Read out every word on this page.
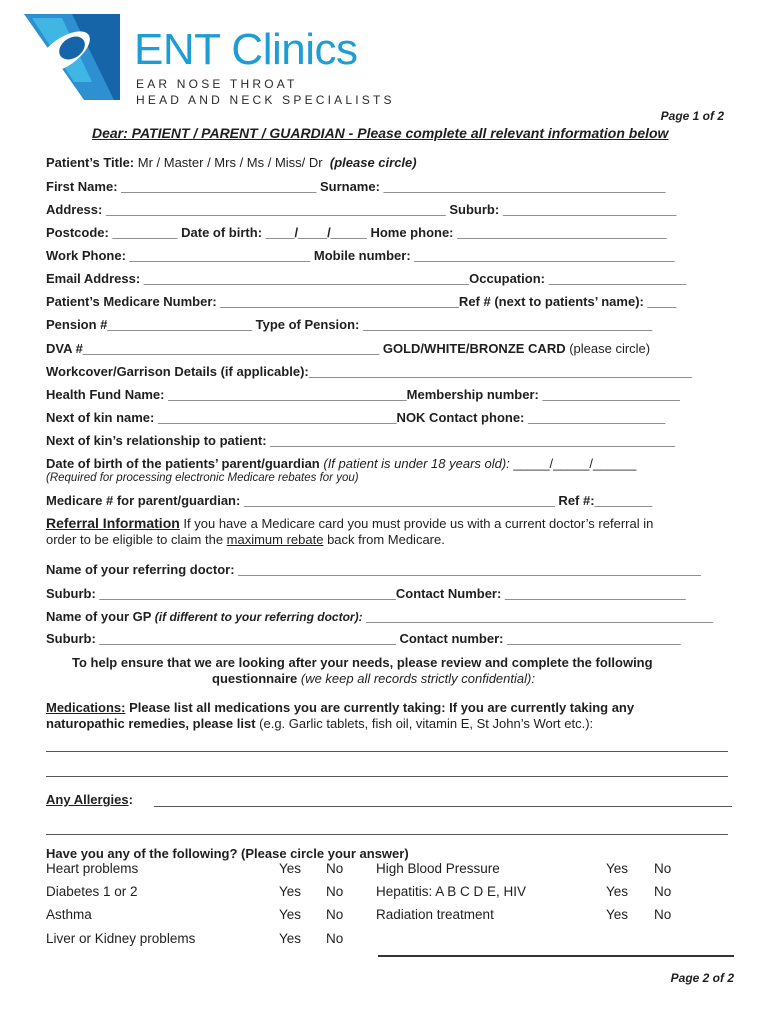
ENT Clinics
EAR NOSE THROAT
HEAD AND NECK SPECIALISTS
Page 1 of 2
Dear: PATIENT / PARENT / GUARDIAN - Please complete all relevant information below
Patient’s Title: Mr / Master / Mrs / Ms / Miss/ Dr (please circle)
First Name: ___________________________ Surname: _______________________________________
Address: _______________________________________________ Suburb: ________________________
Postcode: _________ Date of birth: ____/____/_____ Home phone: _____________________________
Work Phone: _________________________ Mobile number: ____________________________________
Email Address: _____________________________________________Occupation: ___________________
Patient’s Medicare Number: _________________________________Ref # (next to patients’ name): ____
Pension #____________________ Type of Pension: ________________________________________
DVA #_________________________________________ GOLD/WHITE/BRONZE CARD (please circle)
Workcover/Garrison Details (if applicable):_____________________________________________________
Health Fund Name: _________________________________Membership number: ___________________
Next of kin name: _________________________________NOK Contact phone: ___________________
Next of kin’s relationship to patient: ________________________________________________________
Date of birth of the patients’ parent/guardian (If patient is under 18 years old): _____/_____/______
(Required for processing electronic Medicare rebates for you)
Medicare # for parent/guardian: ___________________________________________ Ref #:________
Referral Information If you have a Medicare card you must provide us with a current doctor’s referral in
order to be eligible to claim the maximum rebate back from Medicare.
Name of your referring doctor: ________________________________________________________________
Suburb: _________________________________________Contact Number: _________________________
Name of your GP (if different to your referring doctor): ________________________________________________
Suburb: _________________________________________ Contact number: ________________________
To help ensure that we are looking after your needs, please review and complete the following
questionnaire (we keep all records strictly confidential):
Medications: Please list all medications you are currently taking: If you are currently taking any
naturopathic remedies, please list (e.g. Garlic tablets, fish oil, vitamin E, St John’s Wort etc.):
Any Allergies:
Have you any of the following? (Please circle your answer)
Heart problems	Yes No
Diabetes 1 or 2	Yes No
Asthma	Yes No
Liver or Kidney problems	Yes No
High Blood Pressure	Yes No
Hepatitis: A B C D E, HIV	Yes No
Radiation treatment	Yes No
Page 2 of 2
